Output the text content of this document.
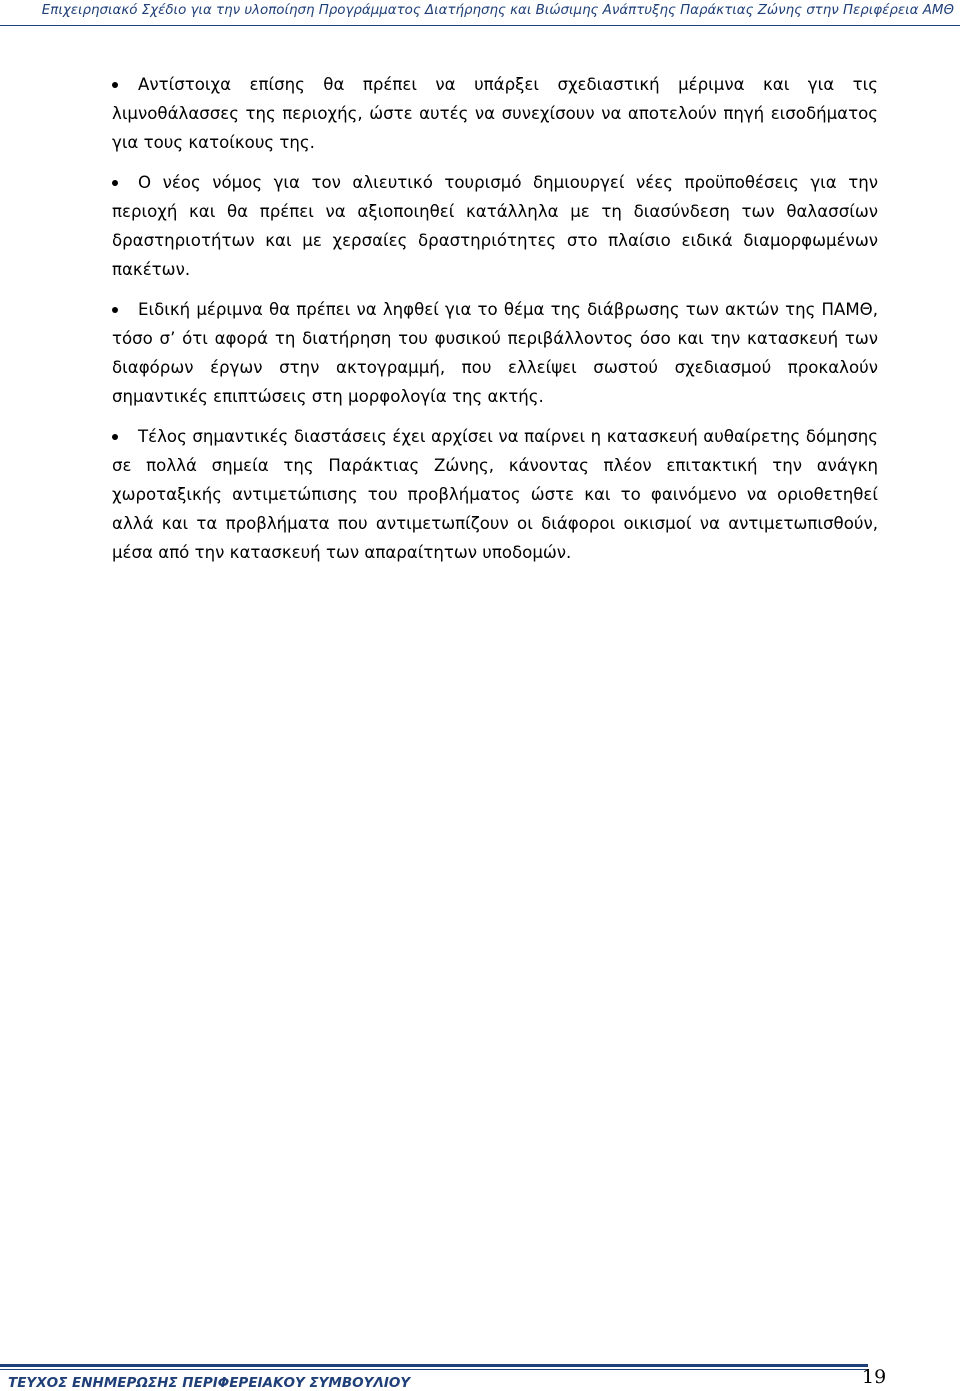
Επιχειρησιακό Σχέδιο για την υλοποίηση Προγράμματος Διατήρησης και Βιώσιμης Ανάπτυξης Παράκτιας Ζώνης στην Περιφέρεια ΑΜΘ
Αντίστοιχα επίσης θα πρέπει να υπάρξει σχεδιαστική μέριμνα και για τις λιμνοθάλασσες της περιοχής, ώστε αυτές να συνεχίσουν να αποτελούν πηγή εισοδήματος για τους κατοίκους της.
Ο νέος νόμος για τον αλιευτικό τουρισμό δημιουργεί νέες προϋποθέσεις για την περιοχή και θα πρέπει να αξιοποιηθεί κατάλληλα με τη διασύνδεση των θαλασσίων δραστηριοτήτων και με χερσαίες δραστηριότητες στο πλαίσιο ειδικά διαμορφωμένων πακέτων.
Ειδική μέριμνα θα πρέπει να ληφθεί για το θέμα της διάβρωσης των ακτών της ΠΑΜΘ, τόσο σ’ ότι αφορά τη διατήρηση του φυσικού περιβάλλοντος όσο και την κατασκευή των διαφόρων έργων στην ακτογραμμή, που ελλείψει σωστού σχεδιασμού προκαλούν σημαντικές επιπτώσεις στη μορφολογία της ακτής.
Τέλος σημαντικές διαστάσεις έχει αρχίσει να παίρνει η κατασκευή αυθαίρετης δόμησης σε πολλά σημεία της Παράκτιας Ζώνης, κάνοντας πλέον επιτακτική την ανάγκη χωροταξικής αντιμετώπισης του προβλήματος ώστε και το φαινόμενο να οριοθετηθεί αλλά και τα προβλήματα που αντιμετωπίζουν οι διάφοροι οικισμοί να αντιμετωπισθούν, μέσα από την κατασκευή των απαραίτητων υποδομών.
ΤΕΥΧΟΣ ΕΝΗΜΕΡΩΣΗΣ ΠΕΡΙΦΕΡΕΙΑΚΟΥ ΣΥΜΒΟΥΛΙΟΥ	19
